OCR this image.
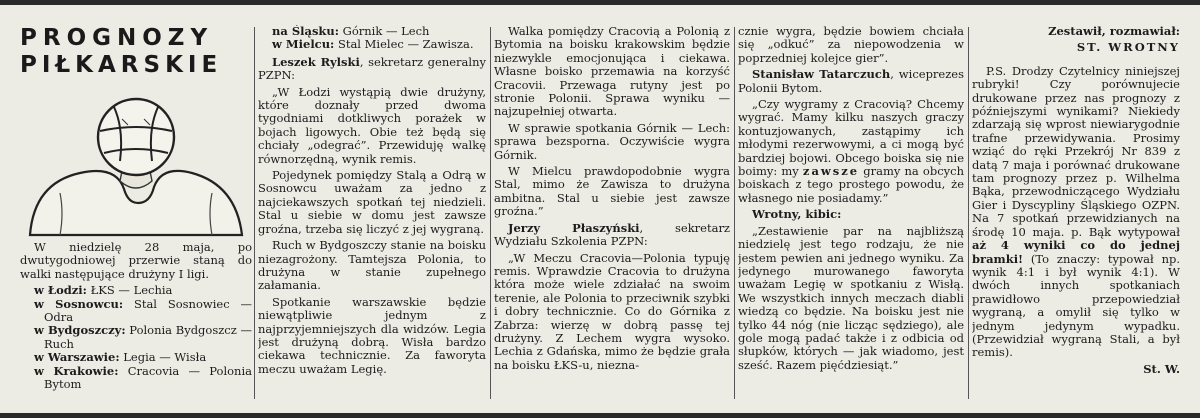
PROGNOZY
PIŁKARSKIE

W niedzielę 28 maja, po dwutygodniowej przerwie staną do walki następujące drużyny I ligi.

w Łodzi: ŁKS — Lechia

w Sosnowcu: Stal Sosnowiec — Odra

w Bydgoszczy: Polonia Bydgoszcz — Ruch

w Warszawie: Legia — Wisła

w Krakowie: Cracovia — Polonia Bytom

na Śląsku: Górnik — Lech

w Mielcu: Stal Mielec — Zawisza.

Leszek Rylski, sekretarz generalny PZPN:

„W Łodzi wystąpią dwie drużyny, które doznały przed dwoma tygodniami dotkliwych porażek w bojach ligowych. Obie też będą się chciały „odegrać”. Przewiduję walkę równorzędną, wynik remis.

Pojedynek pomiędzy Stalą a Odrą w Sosnowcu uważam za jedno z najciekawszych spotkań tej niedzieli. Stal u siebie w domu jest zawsze groźna, trzeba się liczyć z jej wygraną.

Ruch w Bydgoszczy stanie na boisku niezagrożony. Tamtejsza Polonia, to drużyna w stanie zupełnego załamania.

Spotkanie warszawskie będzie niewątpliwie jednym z najprzyjemniejszych dla widzów. Legia jest drużyną dobrą. Wisła bardzo ciekawa technicznie. Za faworyta meczu uważam Legię.

Walka pomiędzy Cracovią a Polonią z Bytomia na boisku krakowskim będzie niezwykle emocjonująca i ciekawa. Własne boisko przemawia na korzyść Cracovii. Przewaga rutyny jest po stronie Polonii. Sprawa wyniku — najzupełniej otwarta.

W sprawie spotkania Górnik — Lech: sprawa bezsporna. Oczywiście wygra Górnik.

W Mielcu prawdopodobnie wygra Stal, mimo że Zawisza to drużyna ambitna. Stal u siebie jest zawsze groźna.”

Jerzy Płaszyński, sekretarz Wydziału Szkolenia PZPN:

„W Meczu Cracovia—Polonia typuję remis. Wprawdzie Cracovia to drużyna która może wiele zdziałać na swoim terenie, ale Polonia to przeciwnik szybki i dobry technicznie. Co do Górnika z Zabrza: wierzę w dobrą passę tej drużyny. Z Lechem wygra wysoko. Lechia z Gdańska, mimo że będzie grała na boisku ŁKS-u, niezna-

cznie wygra, będzie bowiem chciała się „odkuć” za niepowodzenia w poprzedniej kolejce gier”.

Stanisław Tatarczuch, wiceprezes Polonii Bytom.

„Czy wygramy z Cracovią? Chcemy wygrać. Mamy kilku naszych graczy kontuzjowanych, zastąpimy ich młodymi rezerwowymi, a ci mogą być bardziej bojowi. Obcego boiska się nie boimy: my zawsze gramy na obcych boiskach z tego prostego powodu, że własnego nie posiadamy.”

Wrotny, kibic:

„Zestawienie par na najbliższą niedzielę jest tego rodzaju, że nie jestem pewien ani jednego wyniku. Za jedynego murowanego faworyta uważam Legię w spotkaniu z Wisłą. We wszystkich innych meczach diabli wiedzą co będzie. Na boisku jest nie tylko 44 nóg (nie licząc sędziego), ale gole mogą padać także i z odbicia od słupków, których — jak wiadomo, jest sześć. Razem pięćdziesiąt.”

Zestawił, rozmawiał:

ST. WROTNY

P.S. Drodzy Czytelnicy niniejszej rubryki! Czy porównujecie drukowane przez nas prognozy z późniejszymi wynikami? Niekiedy zdarzają się wprost niewiarygodnie trafne przewidywania. Prosimy wziąć do ręki Przekrój Nr 839 z datą 7 maja i porównać drukowane tam prognozy przez p. Wilhelma Bąka, przewodniczącego Wydziału Gier i Dyscypliny Śląskiego OZPN. Na 7 spotkań przewidzianych na środę 10 maja. p. Bąk wytypował aż 4 wyniki co do jednej bramki! (To znaczy: typował np. wynik 4:1 i był wynik 4:1). W dwóch innych spotkaniach prawidłowo przepowiedział wygraną, a omylił się tylko w jednym jedynym wypadku. (Przewidział wygraną Stali, a był remis).

St. W.
